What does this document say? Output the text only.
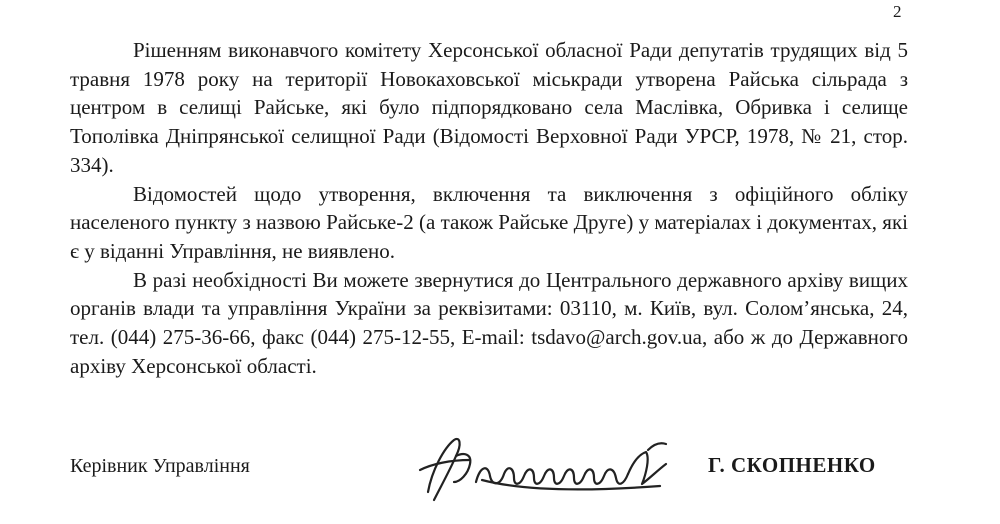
2

Рішенням виконавчого комітету Херсонської обласної Ради депутатів трудящих від 5 травня 1978 року на території Новокаховської міськради утворена Райська сільрада з центром в селищі Райське, які було підпорядковано села Маслівка, Обривка і селище Тополівка Дніпрянської селищної Ради (Відомості Верховної Ради УРСР, 1978, № 21, стор. 334).

Відомостей щодо утворення, включення та виключення з офіційного обліку населеного пункту з назвою Райське-2 (а також Райське Друге) у матеріалах і документах, які є у віданні Управління, не виявлено.

В разі необхідності Ви можете звернутися до Центрального державного архіву вищих органів влади та управління України за реквізитами: 03110, м. Київ, вул. Солом’янська, 24, тел. (044) 275-36-66, факс (044) 275-12-55, E-mail: tsdavo@arch.gov.ua, або ж до Державного архіву Херсонської області.

Керівник Управління	Г. СКОПНЕНКО
